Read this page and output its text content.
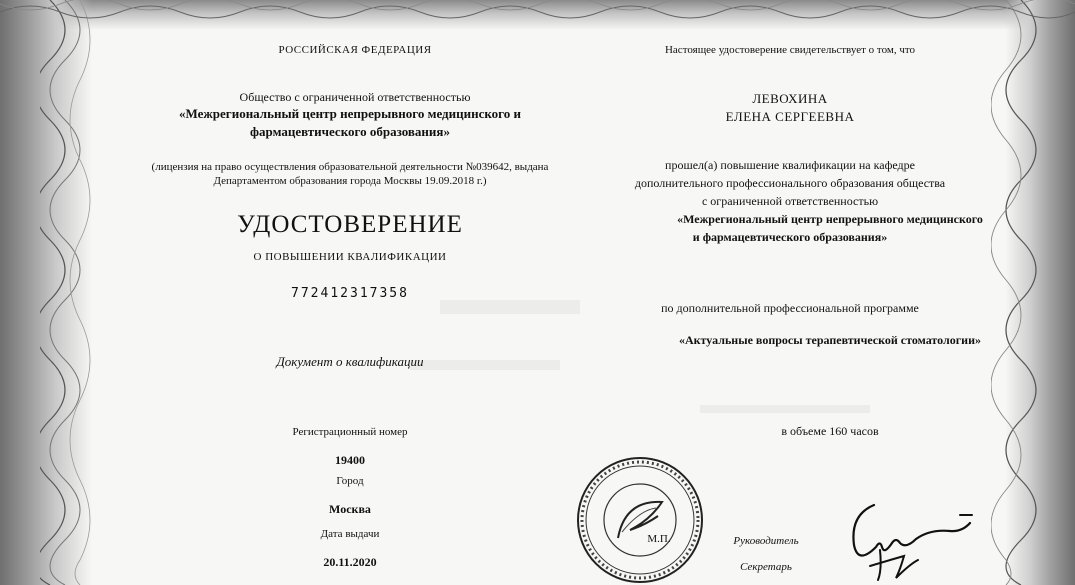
РОССИЙСКАЯ ФЕДЕРАЦИЯ
Общество с ограниченной ответственностью
«Межрегиональный центр непрерывного медицинского и
фармацевтического образования»
(лицензия на право осуществления образовательной деятельности №039642, выдана
Департаментом образования города Москвы 19.09.2018 г.)
УДОСТОВЕРЕНИЕ
О ПОВЫШЕНИИ КВАЛИФИКАЦИИ
772412317358
Документ о квалификации
Регистрационный номер
19400
Город
Москва
Дата выдачи
20.11.2020
Настоящее удостоверение свидетельствует о том, что
ЛЕВОХИНА
ЕЛЕНА СЕРГЕЕВНА
прошел(а) повышение квалификации на кафедре
дополнительного профессионального образования общества
с ограниченной ответственностью
«Межрегиональный центр непрерывного медицинского
и фармацевтического образования»
по дополнительной профессиональной программе
«Актуальные вопросы терапевтической стоматологии»
в объеме 160 часов
Руководитель
Секретарь
М.П.
